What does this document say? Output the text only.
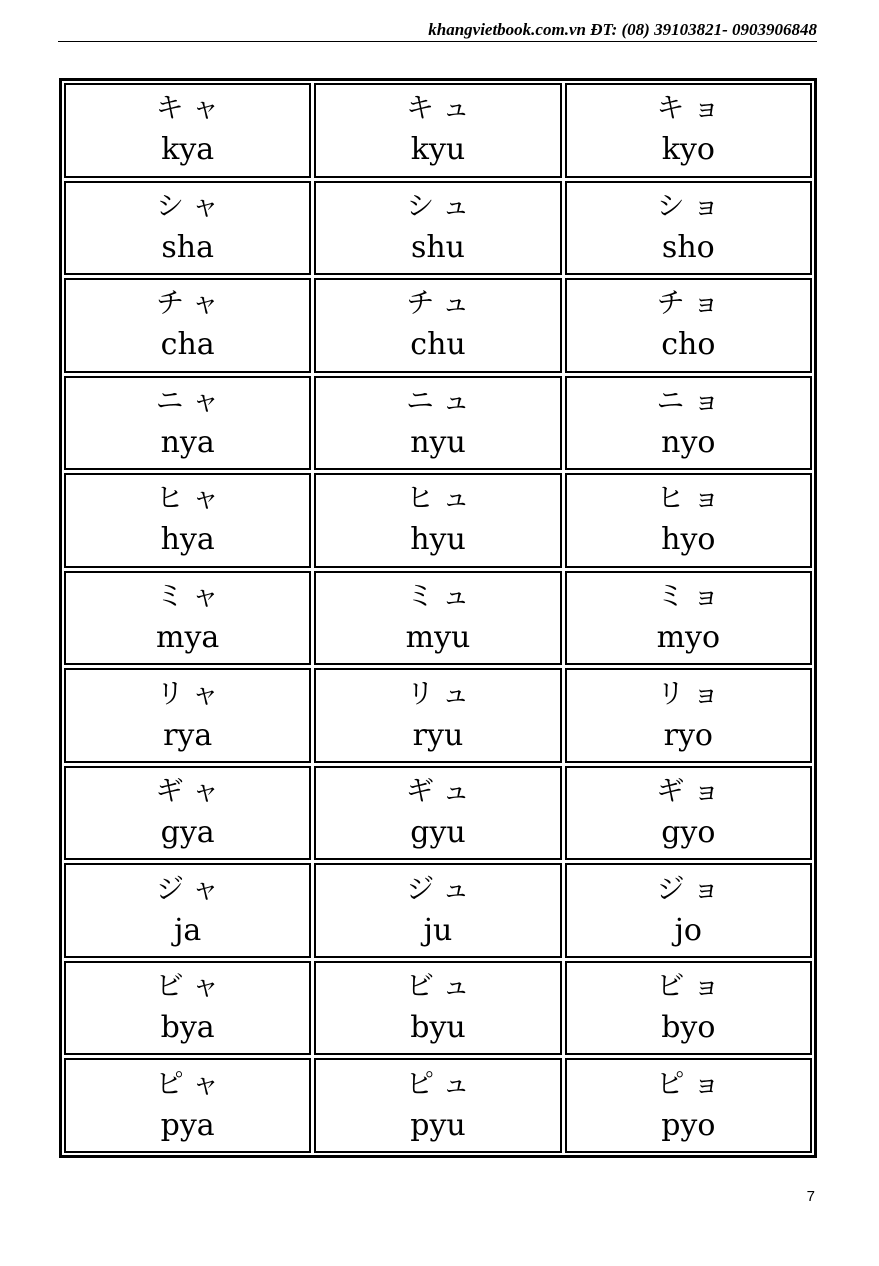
khangvietbook.com.vn ĐT: (08) 39103821- 0903906848
キャ
kya
キュ
kyu
キョ
kyo
シャ
sha
シュ
shu
ショ
sho
チャ
cha
チュ
chu
チョ
cho
ニャ
nya
ニュ
nyu
ニョ
nyo
ヒャ
hya
ヒュ
hyu
ヒョ
hyo
ミャ
mya
ミュ
myu
ミョ
myo
リャ
rya
リュ
ryu
リョ
ryo
ギャ
gya
ギュ
gyu
ギョ
gyo
ジャ
ja
ジュ
ju
ジョ
jo
ビャ
bya
ビュ
byu
ビョ
byo
ピャ
pya
ピュ
pyu
ピョ
pyo
7
